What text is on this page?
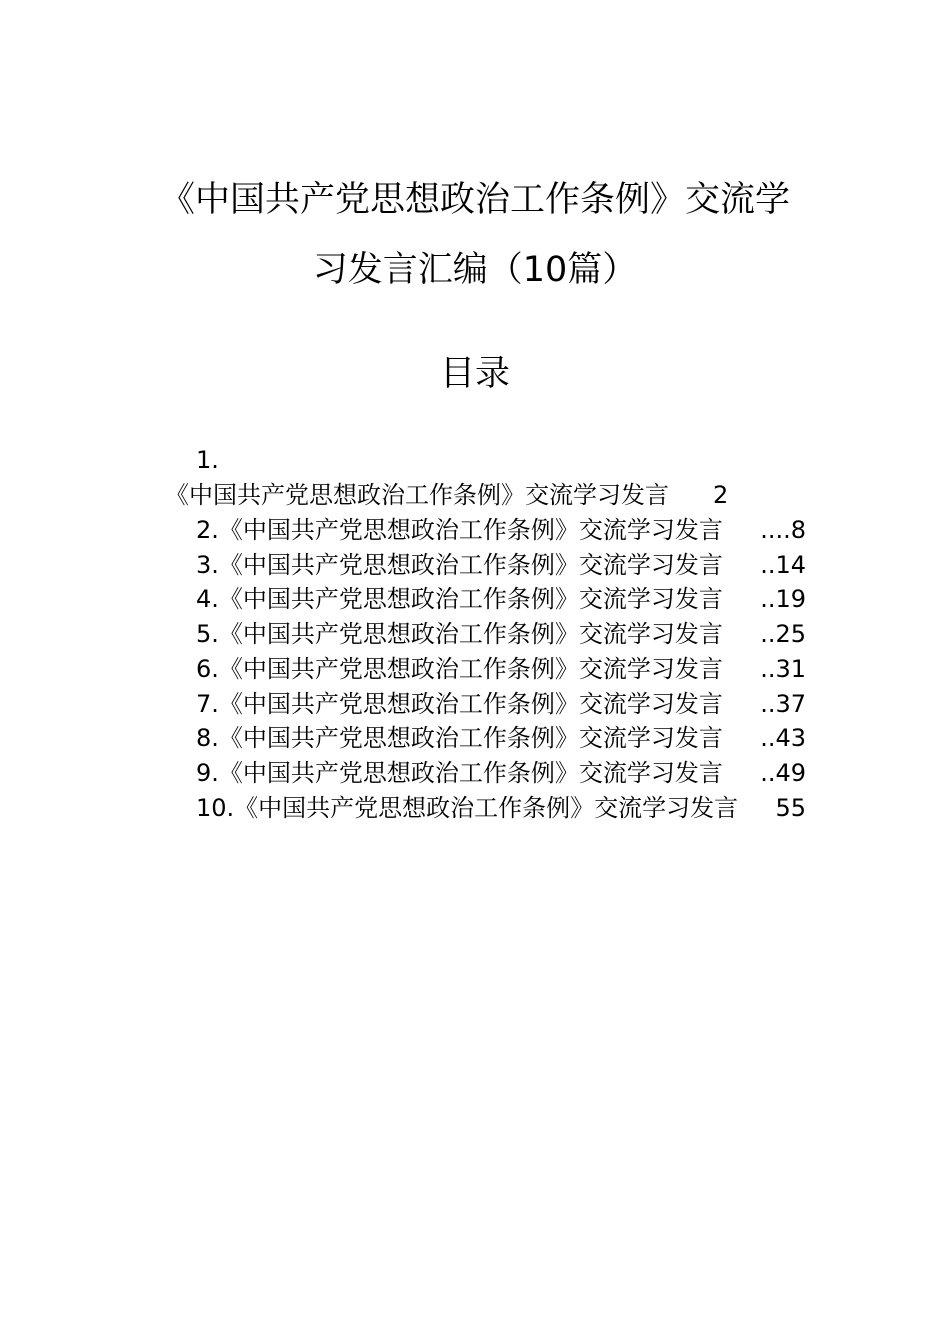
《中国共产党思想政治工作条例》交流学
习发言汇编（10篇）
目录
1.
《中国共产党思想政治工作条例》交流学习发言 2
2.《中国共产党思想政治工作条例》交流学习发言 ....8
3.《中国共产党思想政治工作条例》交流学习发言 ..14
4.《中国共产党思想政治工作条例》交流学习发言 ..19
5.《中国共产党思想政治工作条例》交流学习发言 ..25
6.《中国共产党思想政治工作条例》交流学习发言 ..31
7.《中国共产党思想政治工作条例》交流学习发言 ..37
8.《中国共产党思想政治工作条例》交流学习发言 ..43
9.《中国共产党思想政治工作条例》交流学习发言 ..49
10.《中国共产党思想政治工作条例》交流学习发言 55
